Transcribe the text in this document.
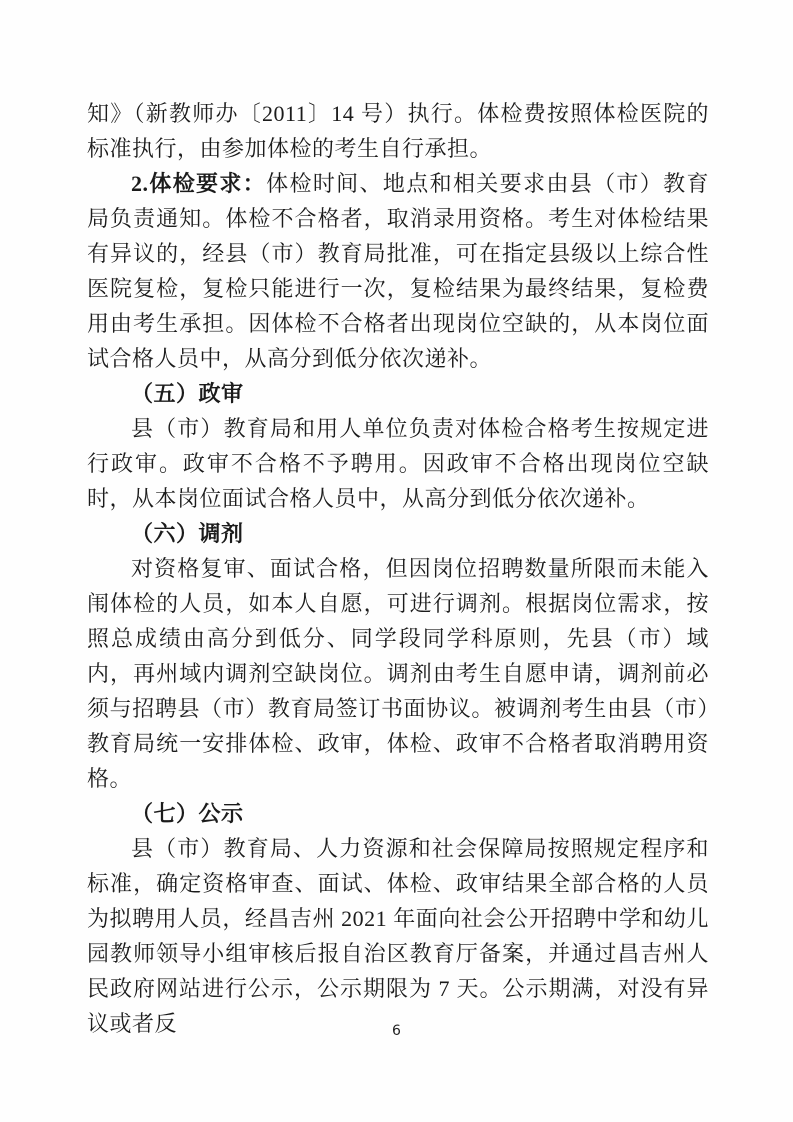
知》（新教师办〔2011〕14 号）执行。体检费按照体检医院的标准执行，由参加体检的考生自行承担。

2.体检要求：体检时间、地点和相关要求由县（市）教育局负责通知。体检不合格者，取消录用资格。考生对体检结果有异议的，经县（市）教育局批准，可在指定县级以上综合性医院复检，复检只能进行一次，复检结果为最终结果，复检费用由考生承担。因体检不合格者出现岗位空缺的，从本岗位面试合格人员中，从高分到低分依次递补。

（五）政审

县（市）教育局和用人单位负责对体检合格考生按规定进行政审。政审不合格不予聘用。因政审不合格出现岗位空缺时，从本岗位面试合格人员中，从高分到低分依次递补。

（六）调剂

对资格复审、面试合格，但因岗位招聘数量所限而未能入闱体检的人员，如本人自愿，可进行调剂。根据岗位需求，按照总成绩由高分到低分、同学段同学科原则，先县（市）域内，再州域内调剂空缺岗位。调剂由考生自愿申请，调剂前必须与招聘县（市）教育局签订书面协议。被调剂考生由县（市）教育局统一安排体检、政审，体检、政审不合格者取消聘用资格。

（七）公示

县（市）教育局、人力资源和社会保障局按照规定程序和标准，确定资格审查、面试、体检、政审结果全部合格的人员为拟聘用人员，经昌吉州 2021 年面向社会公开招聘中学和幼儿园教师领导小组审核后报自治区教育厅备案，并通过昌吉州人民政府网站进行公示，公示期限为 7 天。公示期满，对没有异议或者反	6
